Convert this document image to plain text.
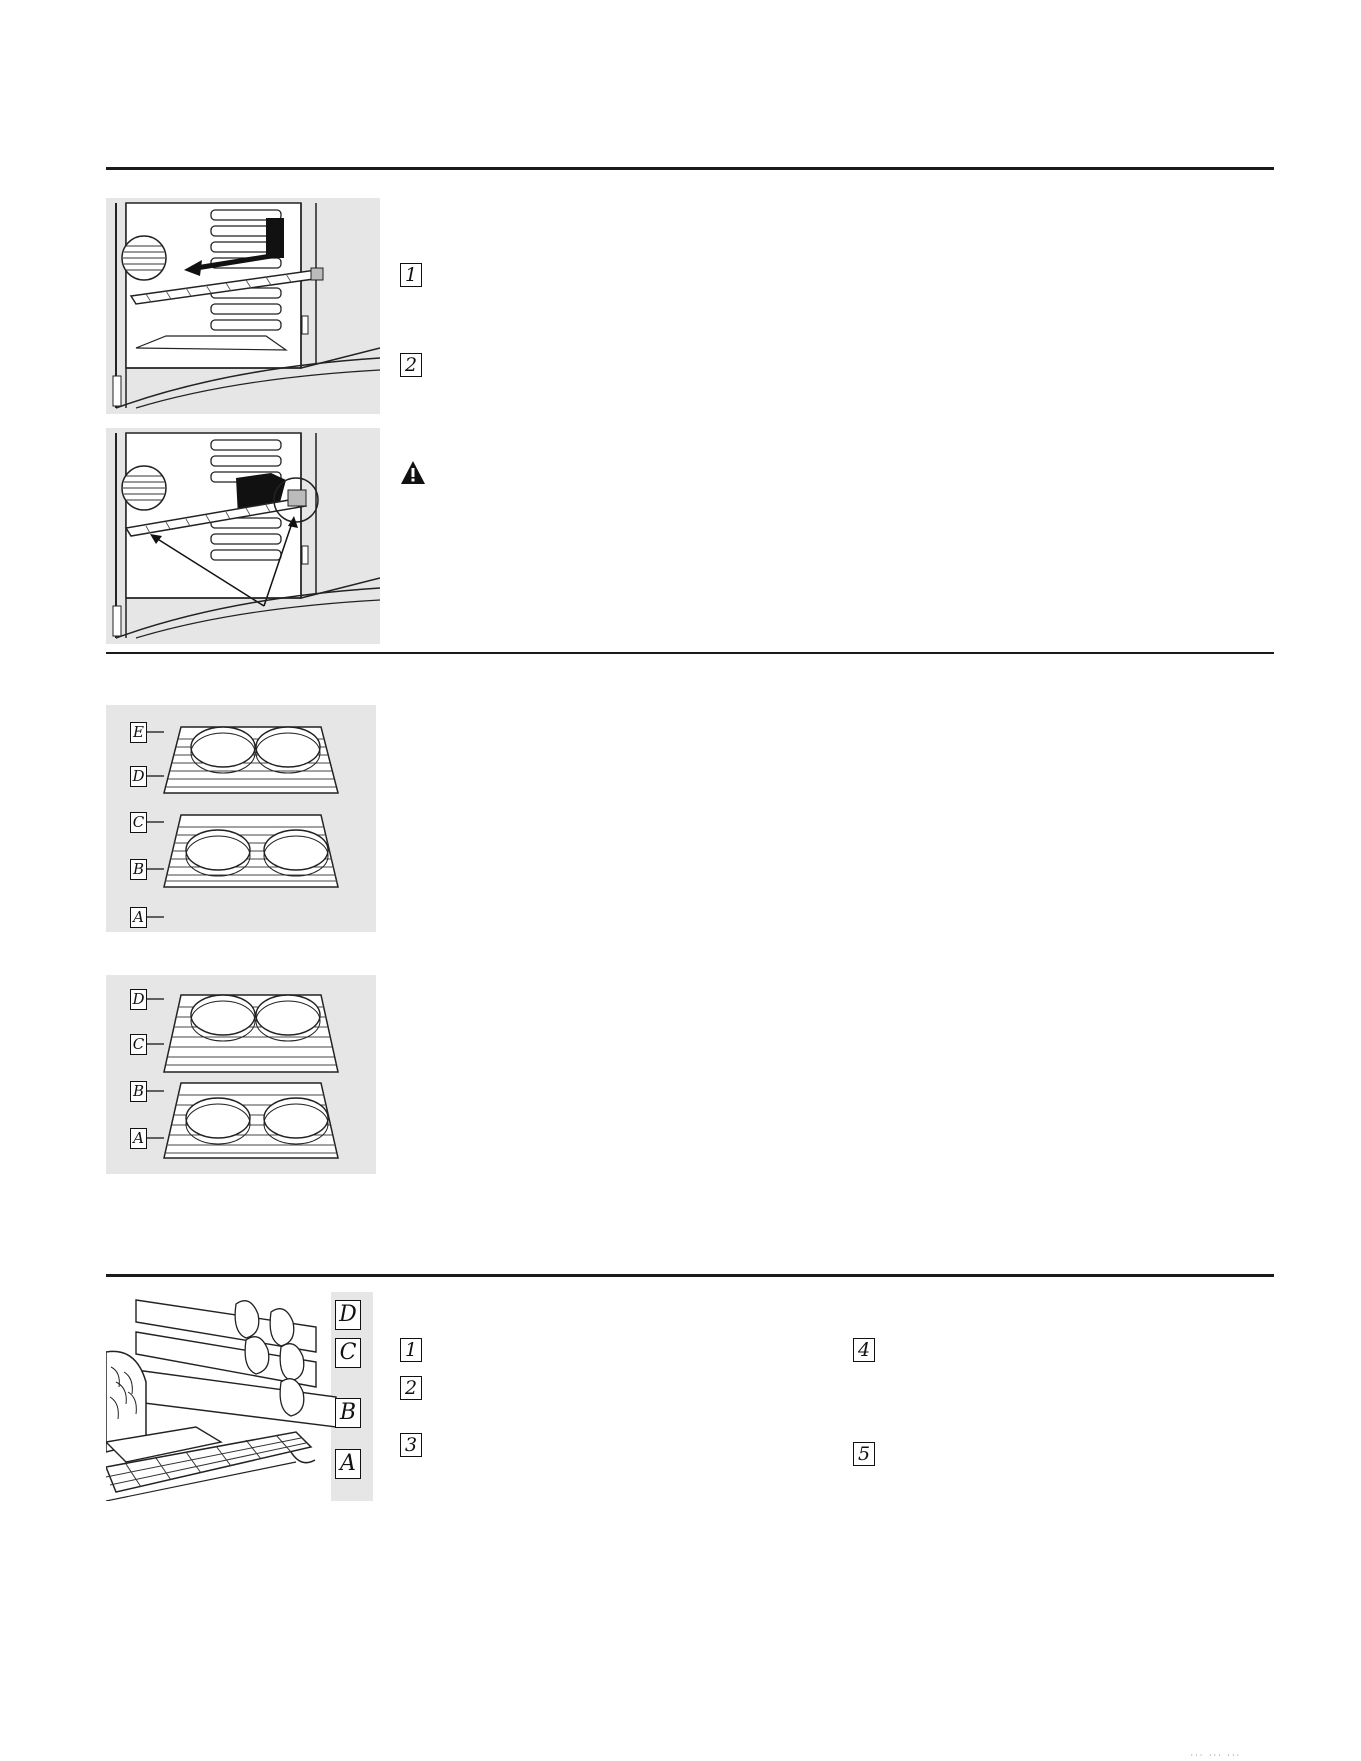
E
D
C
B
A
D
C
B
A
D
C
B
A
1
2
1
2
3
4
5
··· ··· ···
